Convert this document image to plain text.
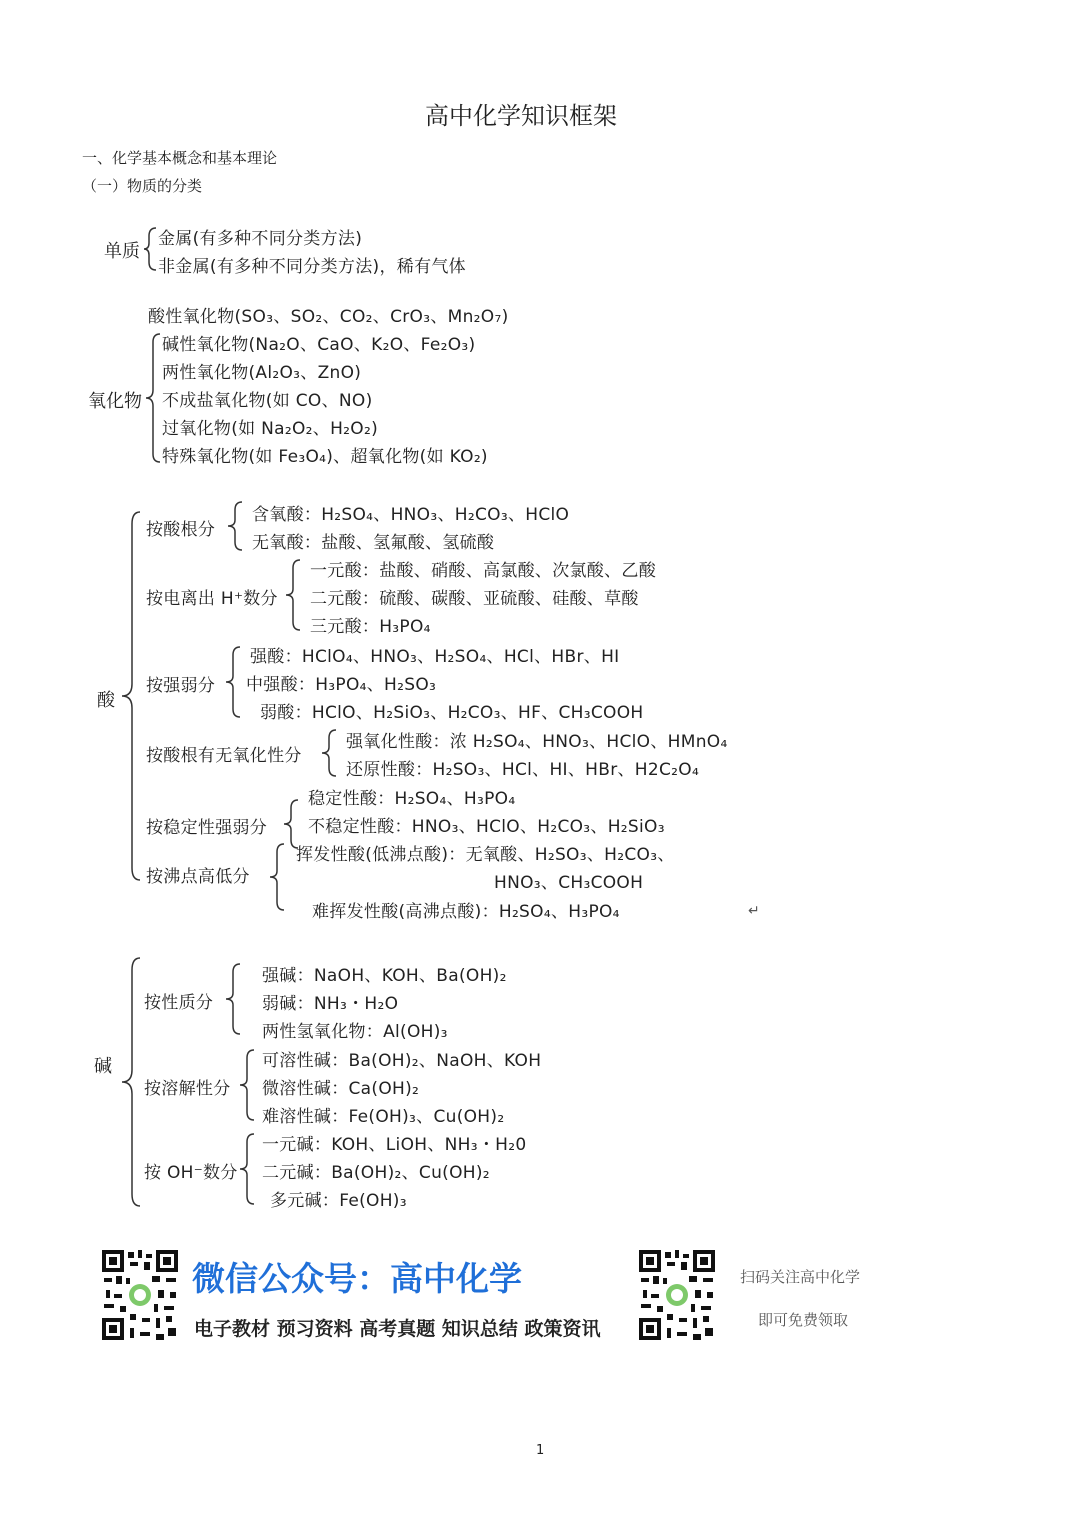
高中化学知识框架
一、化学基本概念和基本理论
（一）物质的分类
单质
金属(有多种不同分类方法)
非金属(有多种不同分类方法)，稀有气体
酸性氧化物(SO₃、SO₂、CO₂、CrO₃、Mn₂O₇)
氧化物
碱性氧化物(Na₂O、CaO、K₂O、Fe₂O₃)
两性氧化物(Al₂O₃、ZnO)
不成盐氧化物(如 CO、NO)
过氧化物(如 Na₂O₂、H₂O₂)
特殊氧化物(如 Fe₃O₄)、超氧化物(如 KO₂)
酸
按酸根分
含氧酸：H₂SO₄、HNO₃、H₂CO₃、HClO
无氧酸：盐酸、氢氟酸、氢硫酸
按电离出 H⁺数分
一元酸：盐酸、硝酸、高氯酸、次氯酸、乙酸
二元酸：硫酸、碳酸、亚硫酸、硅酸、草酸
三元酸：H₃PO₄
按强弱分
强酸：HClO₄、HNO₃、H₂SO₄、HCl、HBr、HI
中强酸：H₃PO₄、H₂SO₃
弱酸：HClO、H₂SiO₃、H₂CO₃、HF、CH₃COOH
按酸根有无氧化性分
强氧化性酸：浓 H₂SO₄、HNO₃、HClO、HMnO₄
还原性酸：H₂SO₃、HCl、HI、HBr、H2C₂O₄
按稳定性强弱分
稳定性酸：H₂SO₄、H₃PO₄
不稳定性酸：HNO₃、HClO、H₂CO₃、H₂SiO₃
按沸点高低分
挥发性酸(低沸点酸)：无氧酸、H₂SO₃、H₂CO₃、
HNO₃、CH₃COOH
难挥发性酸(高沸点酸)：H₂SO₄、H₃PO₄	↵
碱
按性质分
强碱：NaOH、KOH、Ba(OH)₂
弱碱：NH₃・H₂O
两性氢氧化物：Al(OH)₃
按溶解性分
可溶性碱：Ba(OH)₂、NaOH、KOH
微溶性碱：Ca(OH)₂
难溶性碱：Fe(OH)₃、Cu(OH)₂
按 OH⁻数分
一元碱：KOH、LiOH、NH₃・H₂0
二元碱：Ba(OH)₂、Cu(OH)₂
多元碱：Fe(OH)₃
微信公众号：高中化学
电子教材 预习资料 高考真题 知识总结 政策资讯
扫码关注高中化学
即可免费领取
1
